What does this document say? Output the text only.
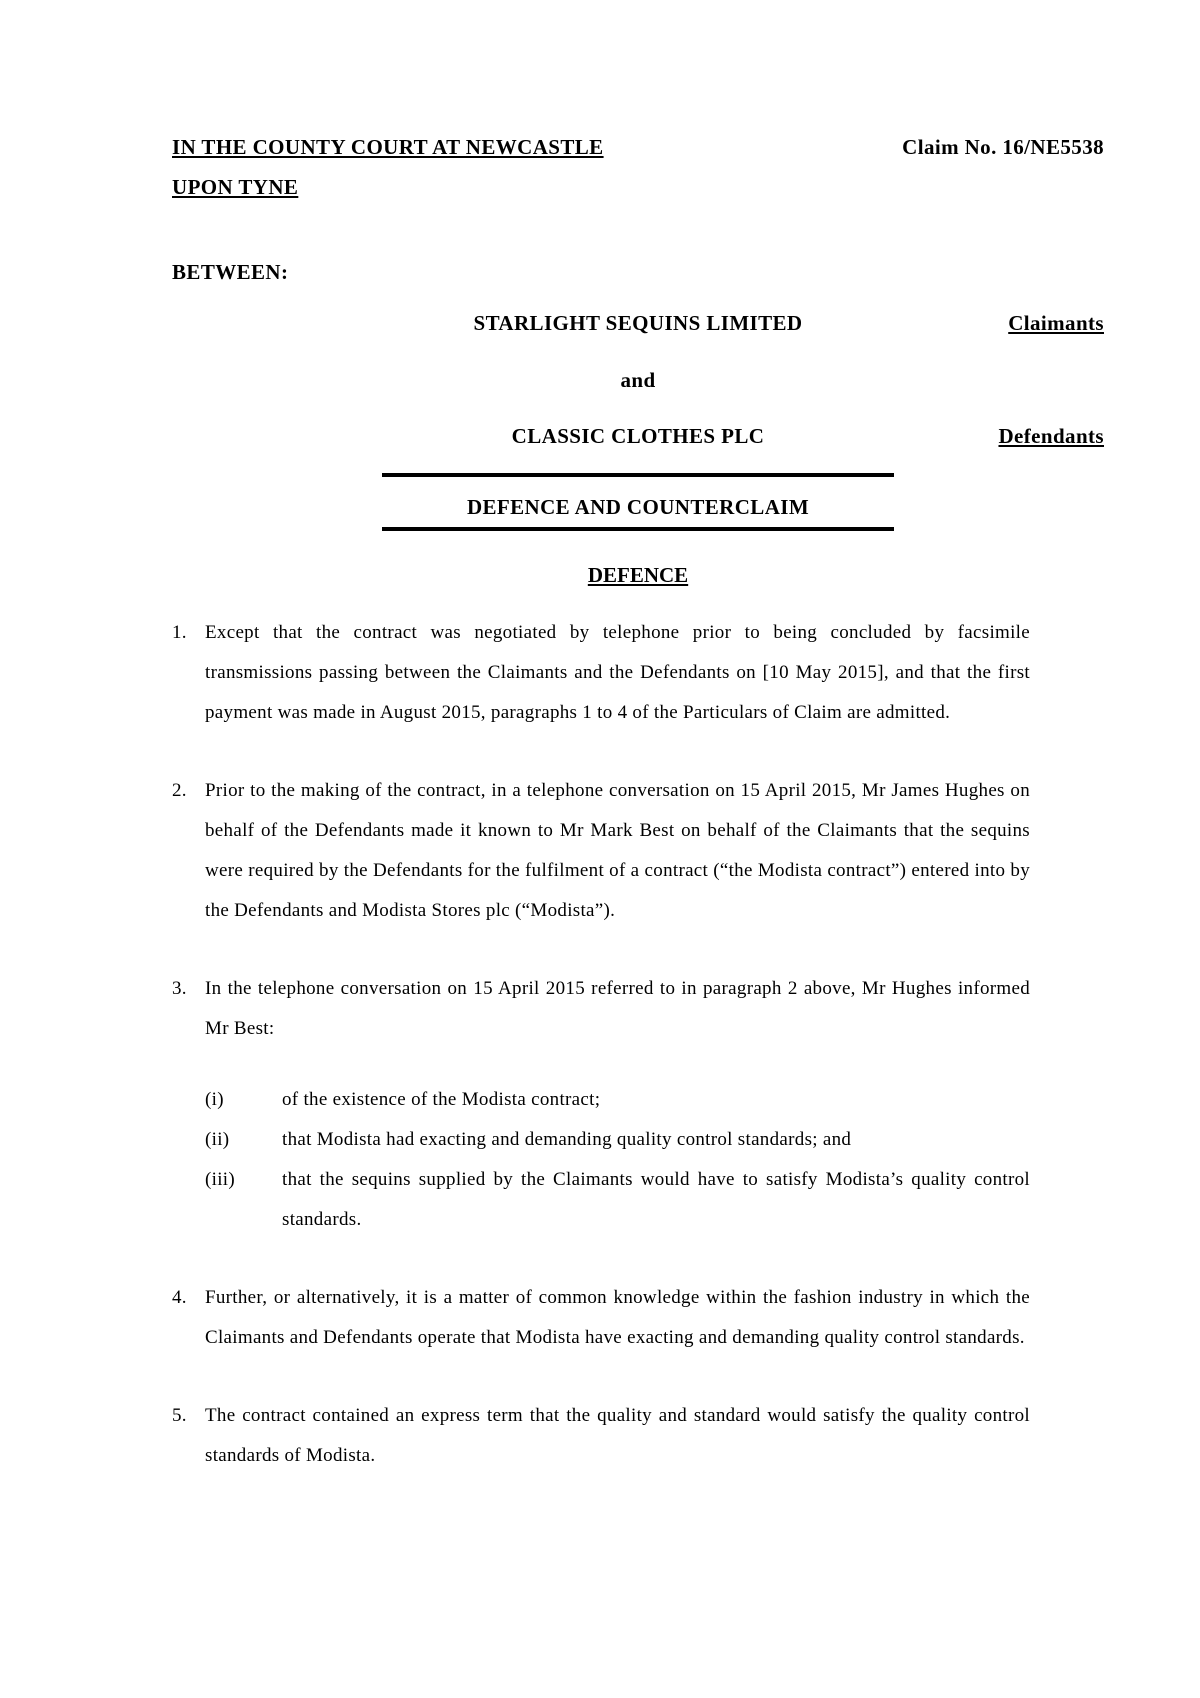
IN THE COUNTY COURT AT NEWCASTLE UPON TYNE
Claim No. 16/NE5538
BETWEEN:
STARLIGHT SEQUINS LIMITED	Claimants
and
CLASSIC CLOTHES PLC	Defendants
DEFENCE AND COUNTERCLAIM
DEFENCE
1. Except that the contract was negotiated by telephone prior to being concluded by facsimile transmissions passing between the Claimants and the Defendants on [10 May 2015], and that the first payment was made in August 2015, paragraphs 1 to 4 of the Particulars of Claim are admitted.
2. Prior to the making of the contract, in a telephone conversation on 15 April 2015, Mr James Hughes on behalf of the Defendants made it known to Mr Mark Best on behalf of the Claimants that the sequins were required by the Defendants for the fulfilment of a contract (“the Modista contract”) entered into by the Defendants and Modista Stores plc (“Modista”).
3. In the telephone conversation on 15 April 2015 referred to in paragraph 2 above, Mr Hughes informed Mr Best:
(i)	of the existence of the Modista contract;
(ii)	that Modista had exacting and demanding quality control standards; and
(iii)	that the sequins supplied by the Claimants would have to satisfy Modista’s quality control standards.
4. Further, or alternatively, it is a matter of common knowledge within the fashion industry in which the Claimants and Defendants operate that Modista have exacting and demanding quality control standards.
5. The contract contained an express term that the quality and standard would satisfy the quality control standards of Modista.
